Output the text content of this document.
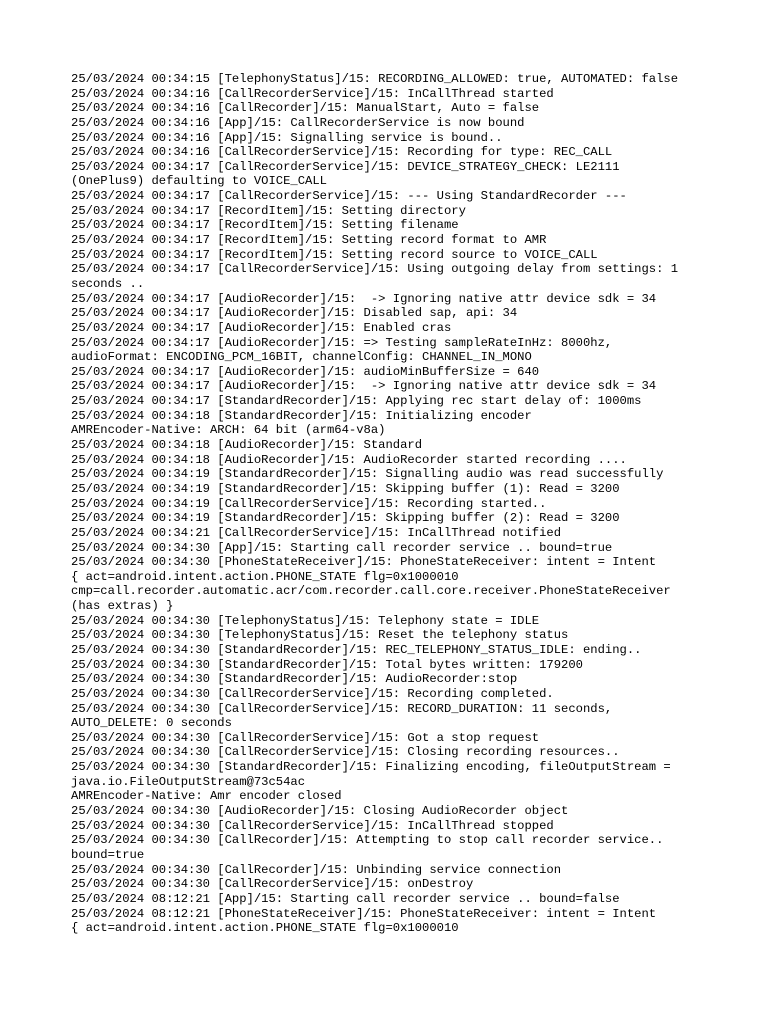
25/03/2024 00:34:15 [TelephonyStatus]/15: RECORDING_ALLOWED: true, AUTOMATED: false
25/03/2024 00:34:16 [CallRecorderService]/15: InCallThread started
25/03/2024 00:34:16 [CallRecorder]/15: ManualStart, Auto = false
25/03/2024 00:34:16 [App]/15: CallRecorderService is now bound
25/03/2024 00:34:16 [App]/15: Signalling service is bound..
25/03/2024 00:34:16 [CallRecorderService]/15: Recording for type: REC_CALL
25/03/2024 00:34:17 [CallRecorderService]/15: DEVICE_STRATEGY_CHECK: LE2111
(OnePlus9) defaulting to VOICE_CALL
25/03/2024 00:34:17 [CallRecorderService]/15: --- Using StandardRecorder ---
25/03/2024 00:34:17 [RecordItem]/15: Setting directory
25/03/2024 00:34:17 [RecordItem]/15: Setting filename
25/03/2024 00:34:17 [RecordItem]/15: Setting record format to AMR
25/03/2024 00:34:17 [RecordItem]/15: Setting record source to VOICE_CALL
25/03/2024 00:34:17 [CallRecorderService]/15: Using outgoing delay from settings: 1
seconds ..
25/03/2024 00:34:17 [AudioRecorder]/15:  -> Ignoring native attr device sdk = 34
25/03/2024 00:34:17 [AudioRecorder]/15: Disabled sap, api: 34
25/03/2024 00:34:17 [AudioRecorder]/15: Enabled cras
25/03/2024 00:34:17 [AudioRecorder]/15: => Testing sampleRateInHz: 8000hz,
audioFormat: ENCODING_PCM_16BIT, channelConfig: CHANNEL_IN_MONO
25/03/2024 00:34:17 [AudioRecorder]/15: audioMinBufferSize = 640
25/03/2024 00:34:17 [AudioRecorder]/15:  -> Ignoring native attr device sdk = 34
25/03/2024 00:34:17 [StandardRecorder]/15: Applying rec start delay of: 1000ms
25/03/2024 00:34:18 [StandardRecorder]/15: Initializing encoder
AMREncoder-Native: ARCH: 64 bit (arm64-v8a)
25/03/2024 00:34:18 [AudioRecorder]/15: Standard
25/03/2024 00:34:18 [AudioRecorder]/15: AudioRecorder started recording ....
25/03/2024 00:34:19 [StandardRecorder]/15: Signalling audio was read successfully
25/03/2024 00:34:19 [StandardRecorder]/15: Skipping buffer (1): Read = 3200
25/03/2024 00:34:19 [CallRecorderService]/15: Recording started..
25/03/2024 00:34:19 [StandardRecorder]/15: Skipping buffer (2): Read = 3200
25/03/2024 00:34:21 [CallRecorderService]/15: InCallThread notified
25/03/2024 00:34:30 [App]/15: Starting call recorder service .. bound=true
25/03/2024 00:34:30 [PhoneStateReceiver]/15: PhoneStateReceiver: intent = Intent
{ act=android.intent.action.PHONE_STATE flg=0x1000010
cmp=call.recorder.automatic.acr/com.recorder.call.core.receiver.PhoneStateReceiver
(has extras) }
25/03/2024 00:34:30 [TelephonyStatus]/15: Telephony state = IDLE
25/03/2024 00:34:30 [TelephonyStatus]/15: Reset the telephony status
25/03/2024 00:34:30 [StandardRecorder]/15: REC_TELEPHONY_STATUS_IDLE: ending..
25/03/2024 00:34:30 [StandardRecorder]/15: Total bytes written: 179200
25/03/2024 00:34:30 [StandardRecorder]/15: AudioRecorder:stop
25/03/2024 00:34:30 [CallRecorderService]/15: Recording completed.
25/03/2024 00:34:30 [CallRecorderService]/15: RECORD_DURATION: 11 seconds,
AUTO_DELETE: 0 seconds
25/03/2024 00:34:30 [CallRecorderService]/15: Got a stop request
25/03/2024 00:34:30 [CallRecorderService]/15: Closing recording resources..
25/03/2024 00:34:30 [StandardRecorder]/15: Finalizing encoding, fileOutputStream =
java.io.FileOutputStream@73c54ac
AMREncoder-Native: Amr encoder closed
25/03/2024 00:34:30 [AudioRecorder]/15: Closing AudioRecorder object
25/03/2024 00:34:30 [CallRecorderService]/15: InCallThread stopped
25/03/2024 00:34:30 [CallRecorder]/15: Attempting to stop call recorder service..
bound=true
25/03/2024 00:34:30 [CallRecorder]/15: Unbinding service connection
25/03/2024 00:34:30 [CallRecorderService]/15: onDestroy
25/03/2024 08:12:21 [App]/15: Starting call recorder service .. bound=false
25/03/2024 08:12:21 [PhoneStateReceiver]/15: PhoneStateReceiver: intent = Intent
{ act=android.intent.action.PHONE_STATE flg=0x1000010
